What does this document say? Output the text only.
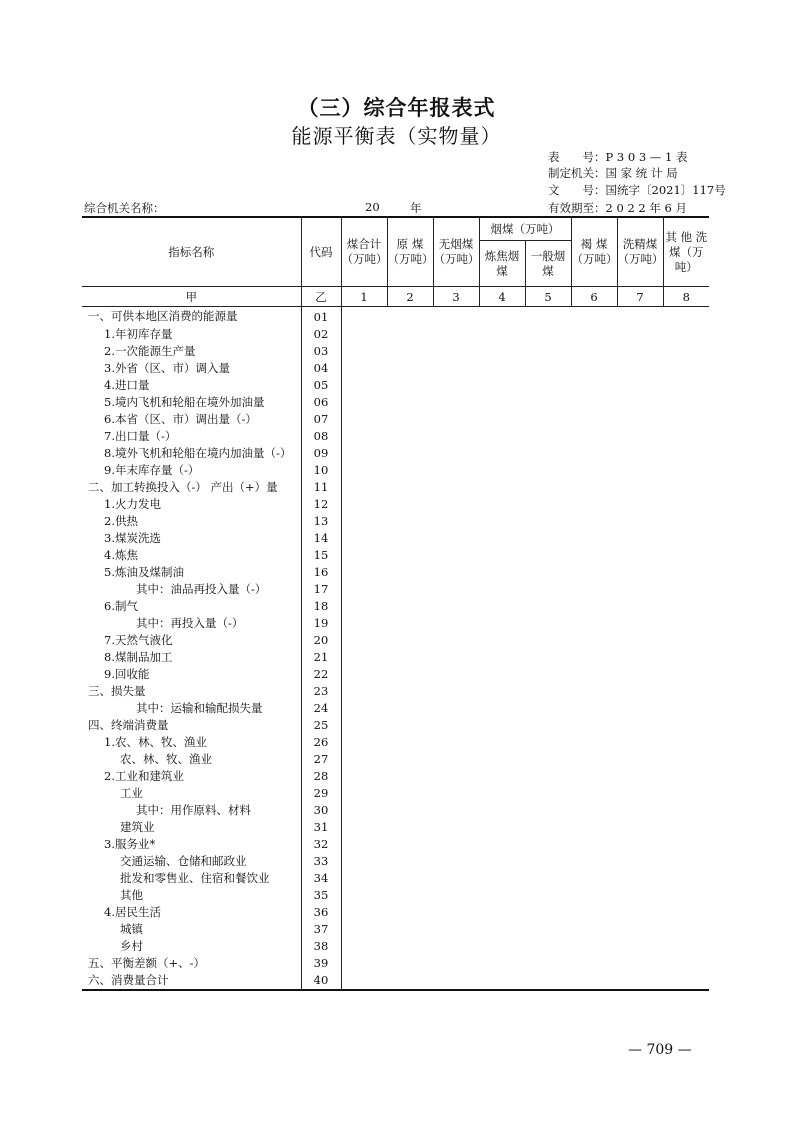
（三）综合年报表式
能源平衡表（实物量）
表　　号：P 3 0 3 — 1 表
制定机关：国 家 统 计 局
文　　号：国统字〔2021〕117号
有效期至：2 0 2 2 年 6 月
综合机关名称：	20	年
指标名称	代码	煤合计（万吨）	原 煤（万吨）	无烟煤（万吨）	烟煤（万吨）		褐 煤（万吨）	洗精煤（万吨）	其 他 洗 煤（万吨）
					炼焦烟煤	一般烟煤			
甲	乙	1	2	3	4	5	6	7	8
一、可供本地区消费的能源量	01								
1.年初库存量	02								
2.一次能源生产量	03								
3.外省（区、市）调入量	04								
4.进口量	05								
5.境内飞机和轮船在境外加油量	06								
6.本省（区、市）调出量（-）	07								
7.出口量（-）	08								
8.境外飞机和轮船在境内加油量（-）	09								
9.年末库存量（-）	10								
二、加工转换投入（-） 产出（+）量	11								
1.火力发电	12								
2.供热	13								
3.煤炭洗选	14								
4.炼焦	15								
5.炼油及煤制油	16								
其中：油品再投入量（-）	17								
6.制气	18								
其中：再投入量（-）	19								
7.天然气液化	20								
8.煤制品加工	21								
9.回收能	22								
三、损失量	23								
其中：运输和输配损失量	24								
四、终端消费量	25								
1.农、林、牧、渔业	26								
农、林、牧、渔业	27								
2.工业和建筑业	28								
工业	29								
其中：用作原料、材料	30								
建筑业	31								
3.服务业*	32								
交通运输、仓储和邮政业	33								
批发和零售业、住宿和餐饮业	34								
其他	35								
4.居民生活	36								
城镇	37								
乡村	38								
五、平衡差额（+、-）	39								
六、消费量合计	40								
— 709 —
